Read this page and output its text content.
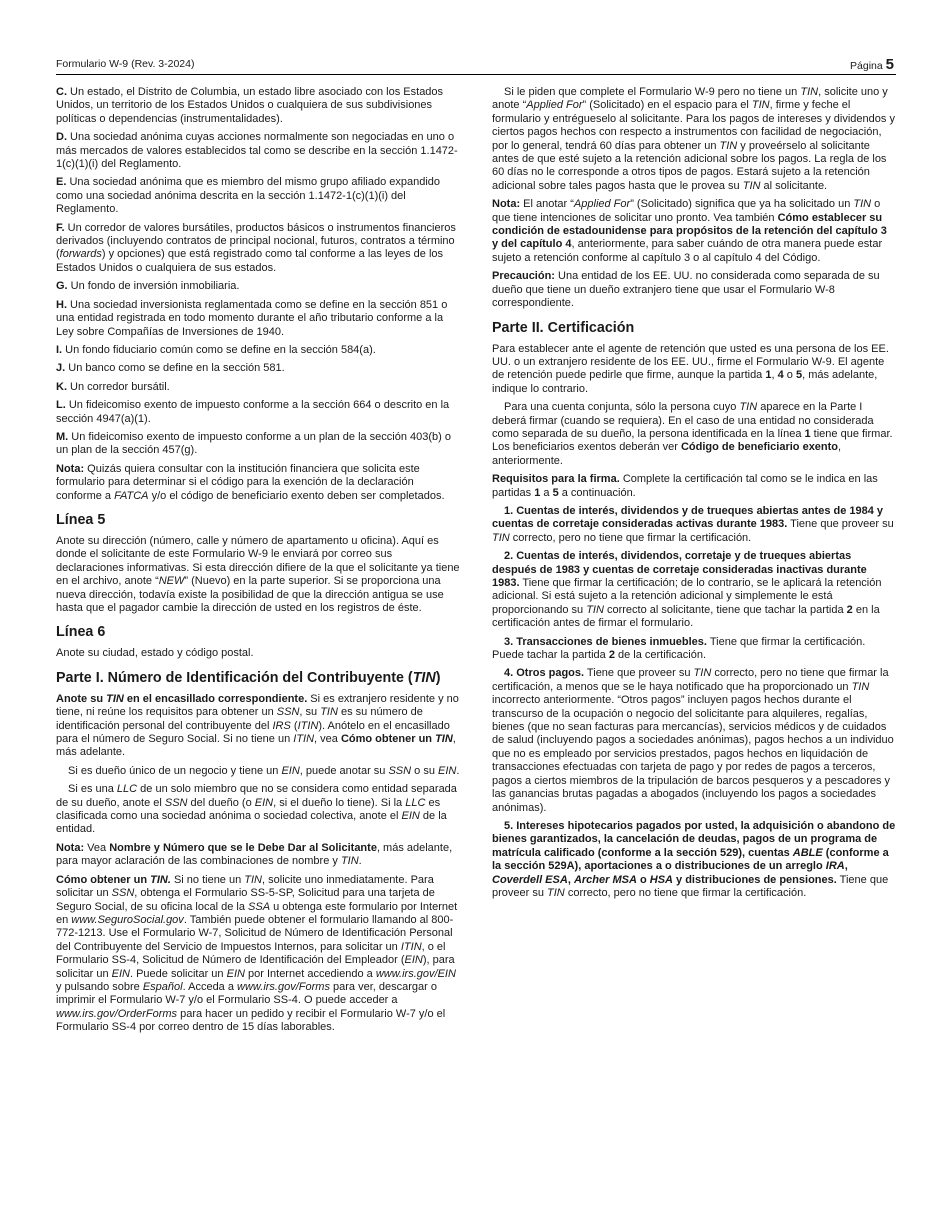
Formulario W-9 (Rev. 3-2024)	Página 5

C. Un estado, el Distrito de Columbia, un estado libre asociado con los Estados Unidos, un territorio de los Estados Unidos o cualquiera de sus subdivisiones políticas o dependencias (instrumentalidades).

D. Una sociedad anónima cuyas acciones normalmente son negociadas en uno o más mercados de valores establecidos tal como se describe en la sección 1.1472-1(c)(1)(i) del Reglamento.

E. Una sociedad anónima que es miembro del mismo grupo afiliado expandido como una sociedad anónima descrita en la sección 1.1472-1(c)(1)(i) del Reglamento.

F. Un corredor de valores bursátiles, productos básicos o instrumentos financieros derivados (incluyendo contratos de principal nocional, futuros, contratos a término (forwards) y opciones) que está registrado como tal conforme a las leyes de los Estados Unidos o cualquiera de sus estados.

G. Un fondo de inversión inmobiliaria.

H. Una sociedad inversionista reglamentada como se define en la sección 851 o una entidad registrada en todo momento durante el año tributario conforme a la Ley sobre Compañías de Inversiones de 1940.

I. Un fondo fiduciario común como se define en la sección 584(a).

J. Un banco como se define en la sección 581.

K. Un corredor bursátil.

L. Un fideicomiso exento de impuesto conforme a la sección 664 o descrito en la sección 4947(a)(1).

M. Un fideicomiso exento de impuesto conforme a un plan de la sección 403(b) o un plan de la sección 457(g).

Nota: Quizás quiera consultar con la institución financiera que solicita este formulario para determinar si el código para la exención de la declaración conforme a FATCA y/o el código de beneficiario exento deben ser completados.

Línea 5

Anote su dirección (número, calle y número de apartamento u oficina). Aquí es donde el solicitante de este Formulario W-9 le enviará por correo sus declaraciones informativas. Si esta dirección difiere de la que el solicitante ya tiene en el archivo, anote “NEW” (Nuevo) en la parte superior. Si se proporciona una nueva dirección, todavía existe la posibilidad de que la dirección antigua se use hasta que el pagador cambie la dirección de usted en los registros de éste.

Línea 6

Anote su ciudad, estado y código postal.

Parte I. Número de Identificación del Contribuyente (TIN)

Anote su TIN en el encasillado correspondiente. Si es extranjero residente y no tiene, ni reúne los requisitos para obtener un SSN, su TIN es su número de identificación personal del contribuyente del IRS (ITIN). Anótelo en el encasillado para el número de Seguro Social. Si no tiene un ITIN, vea Cómo obtener un TIN, más adelante.

Si es dueño único de un negocio y tiene un EIN, puede anotar su SSN o su EIN.

Si es una LLC de un solo miembro que no se considera como entidad separada de su dueño, anote el SSN del dueño (o EIN, si el dueño lo tiene). Si la LLC es clasificada como una sociedad anónima o sociedad colectiva, anote el EIN de la entidad.

Nota: Vea Nombre y Número que se le Debe Dar al Solicitante, más adelante, para mayor aclaración de las combinaciones de nombre y TIN.

Cómo obtener un TIN. Si no tiene un TIN, solicite uno inmediatamente. Para solicitar un SSN, obtenga el Formulario SS-5-SP, Solicitud para una tarjeta de Seguro Social, de su oficina local de la SSA u obtenga este formulario por Internet en www.SeguroSocial.gov. También puede obtener el formulario llamando al 800-772-1213. Use el Formulario W-7, Solicitud de Número de Identificación Personal del Contribuyente del Servicio de Impuestos Internos, para solicitar un ITIN, o el Formulario SS-4, Solicitud de Número de Identificación del Empleador (EIN), para solicitar un EIN. Puede solicitar un EIN por Internet accediendo a www.irs.gov/EIN y pulsando sobre Español. Acceda a www.irs.gov/Forms para ver, descargar o imprimir el Formulario W-7 y/o el Formulario SS-4. O puede acceder a www.irs.gov/OrderForms para hacer un pedido y recibir el Formulario W-7 y/o el Formulario SS-4 por correo dentro de 15 días laborables.

Si le piden que complete el Formulario W-9 pero no tiene un TIN, solicite uno y anote “Applied For” (Solicitado) en el espacio para el TIN, firme y feche el formulario y entrégueselo al solicitante. Para los pagos de intereses y dividendos y ciertos pagos hechos con respecto a instrumentos con facilidad de negociación, por lo general, tendrá 60 días para obtener un TIN y proveérselo al solicitante antes de que esté sujeto a la retención adicional sobre los pagos. La regla de los 60 días no le corresponde a otros tipos de pagos. Estará sujeto a la retención adicional sobre tales pagos hasta que le provea su TIN al solicitante.

Nota: El anotar “Applied For” (Solicitado) significa que ya ha solicitado un TIN o que tiene intenciones de solicitar uno pronto. Vea también Cómo establecer su condición de estadounidense para propósitos de la retención del capítulo 3 y del capítulo 4, anteriormente, para saber cuándo de otra manera puede estar sujeto a retención conforme al capítulo 3 o al capítulo 4 del Código.

Precaución: Una entidad de los EE. UU. no considerada como separada de su dueño que tiene un dueño extranjero tiene que usar el Formulario W-8 correspondiente.

Parte II. Certificación

Para establecer ante el agente de retención que usted es una persona de los EE. UU. o un extranjero residente de los EE. UU., firme el Formulario W-9. El agente de retención puede pedirle que firme, aunque la partida 1, 4 o 5, más adelante, indique lo contrario.

Para una cuenta conjunta, sólo la persona cuyo TIN aparece en la Parte I deberá firmar (cuando se requiera). En el caso de una entidad no considerada como separada de su dueño, la persona identificada en la línea 1 tiene que firmar. Los beneficiarios exentos deberán ver Código de beneficiario exento, anteriormente.

Requisitos para la firma. Complete la certificación tal como se le indica en las partidas 1 a 5 a continuación.

1. Cuentas de interés, dividendos y de trueques abiertas antes de 1984 y cuentas de corretaje consideradas activas durante 1983. Tiene que proveer su TIN correcto, pero no tiene que firmar la certificación.

2. Cuentas de interés, dividendos, corretaje y de trueques abiertas después de 1983 y cuentas de corretaje consideradas inactivas durante 1983. Tiene que firmar la certificación; de lo contrario, se le aplicará la retención adicional. Si está sujeto a la retención adicional y simplemente le está proporcionando su TIN correcto al solicitante, tiene que tachar la partida 2 en la certificación antes de firmar el formulario.

3. Transacciones de bienes inmuebles. Tiene que firmar la certificación. Puede tachar la partida 2 de la certificación.

4. Otros pagos. Tiene que proveer su TIN correcto, pero no tiene que firmar la certificación, a menos que se le haya notificado que ha proporcionado un TIN incorrecto anteriormente. “Otros pagos” incluyen pagos hechos durante el transcurso de la ocupación o negocio del solicitante para alquileres, regalías, bienes (que no sean facturas para mercancías), servicios médicos y de cuidados de salud (incluyendo pagos a sociedades anónimas), pagos hechos a un individuo que no es empleado por servicios prestados, pagos hechos en liquidación de transacciones efectuadas con tarjeta de pago y por redes de pagos a terceros, pagos a ciertos miembros de la tripulación de barcos pesqueros y a pescadores y las ganancias brutas pagadas a abogados (incluyendo los pagos a sociedades anónimas).

5. Intereses hipotecarios pagados por usted, la adquisición o abandono de bienes garantizados, la cancelación de deudas, pagos de un programa de matrícula calificado (conforme a la sección 529), cuentas ABLE (conforme a la sección 529A), aportaciones a o distribuciones de un arreglo IRA, Coverdell ESA, Archer MSA o HSA y distribuciones de pensiones. Tiene que proveer su TIN correcto, pero no tiene que firmar la certificación.
